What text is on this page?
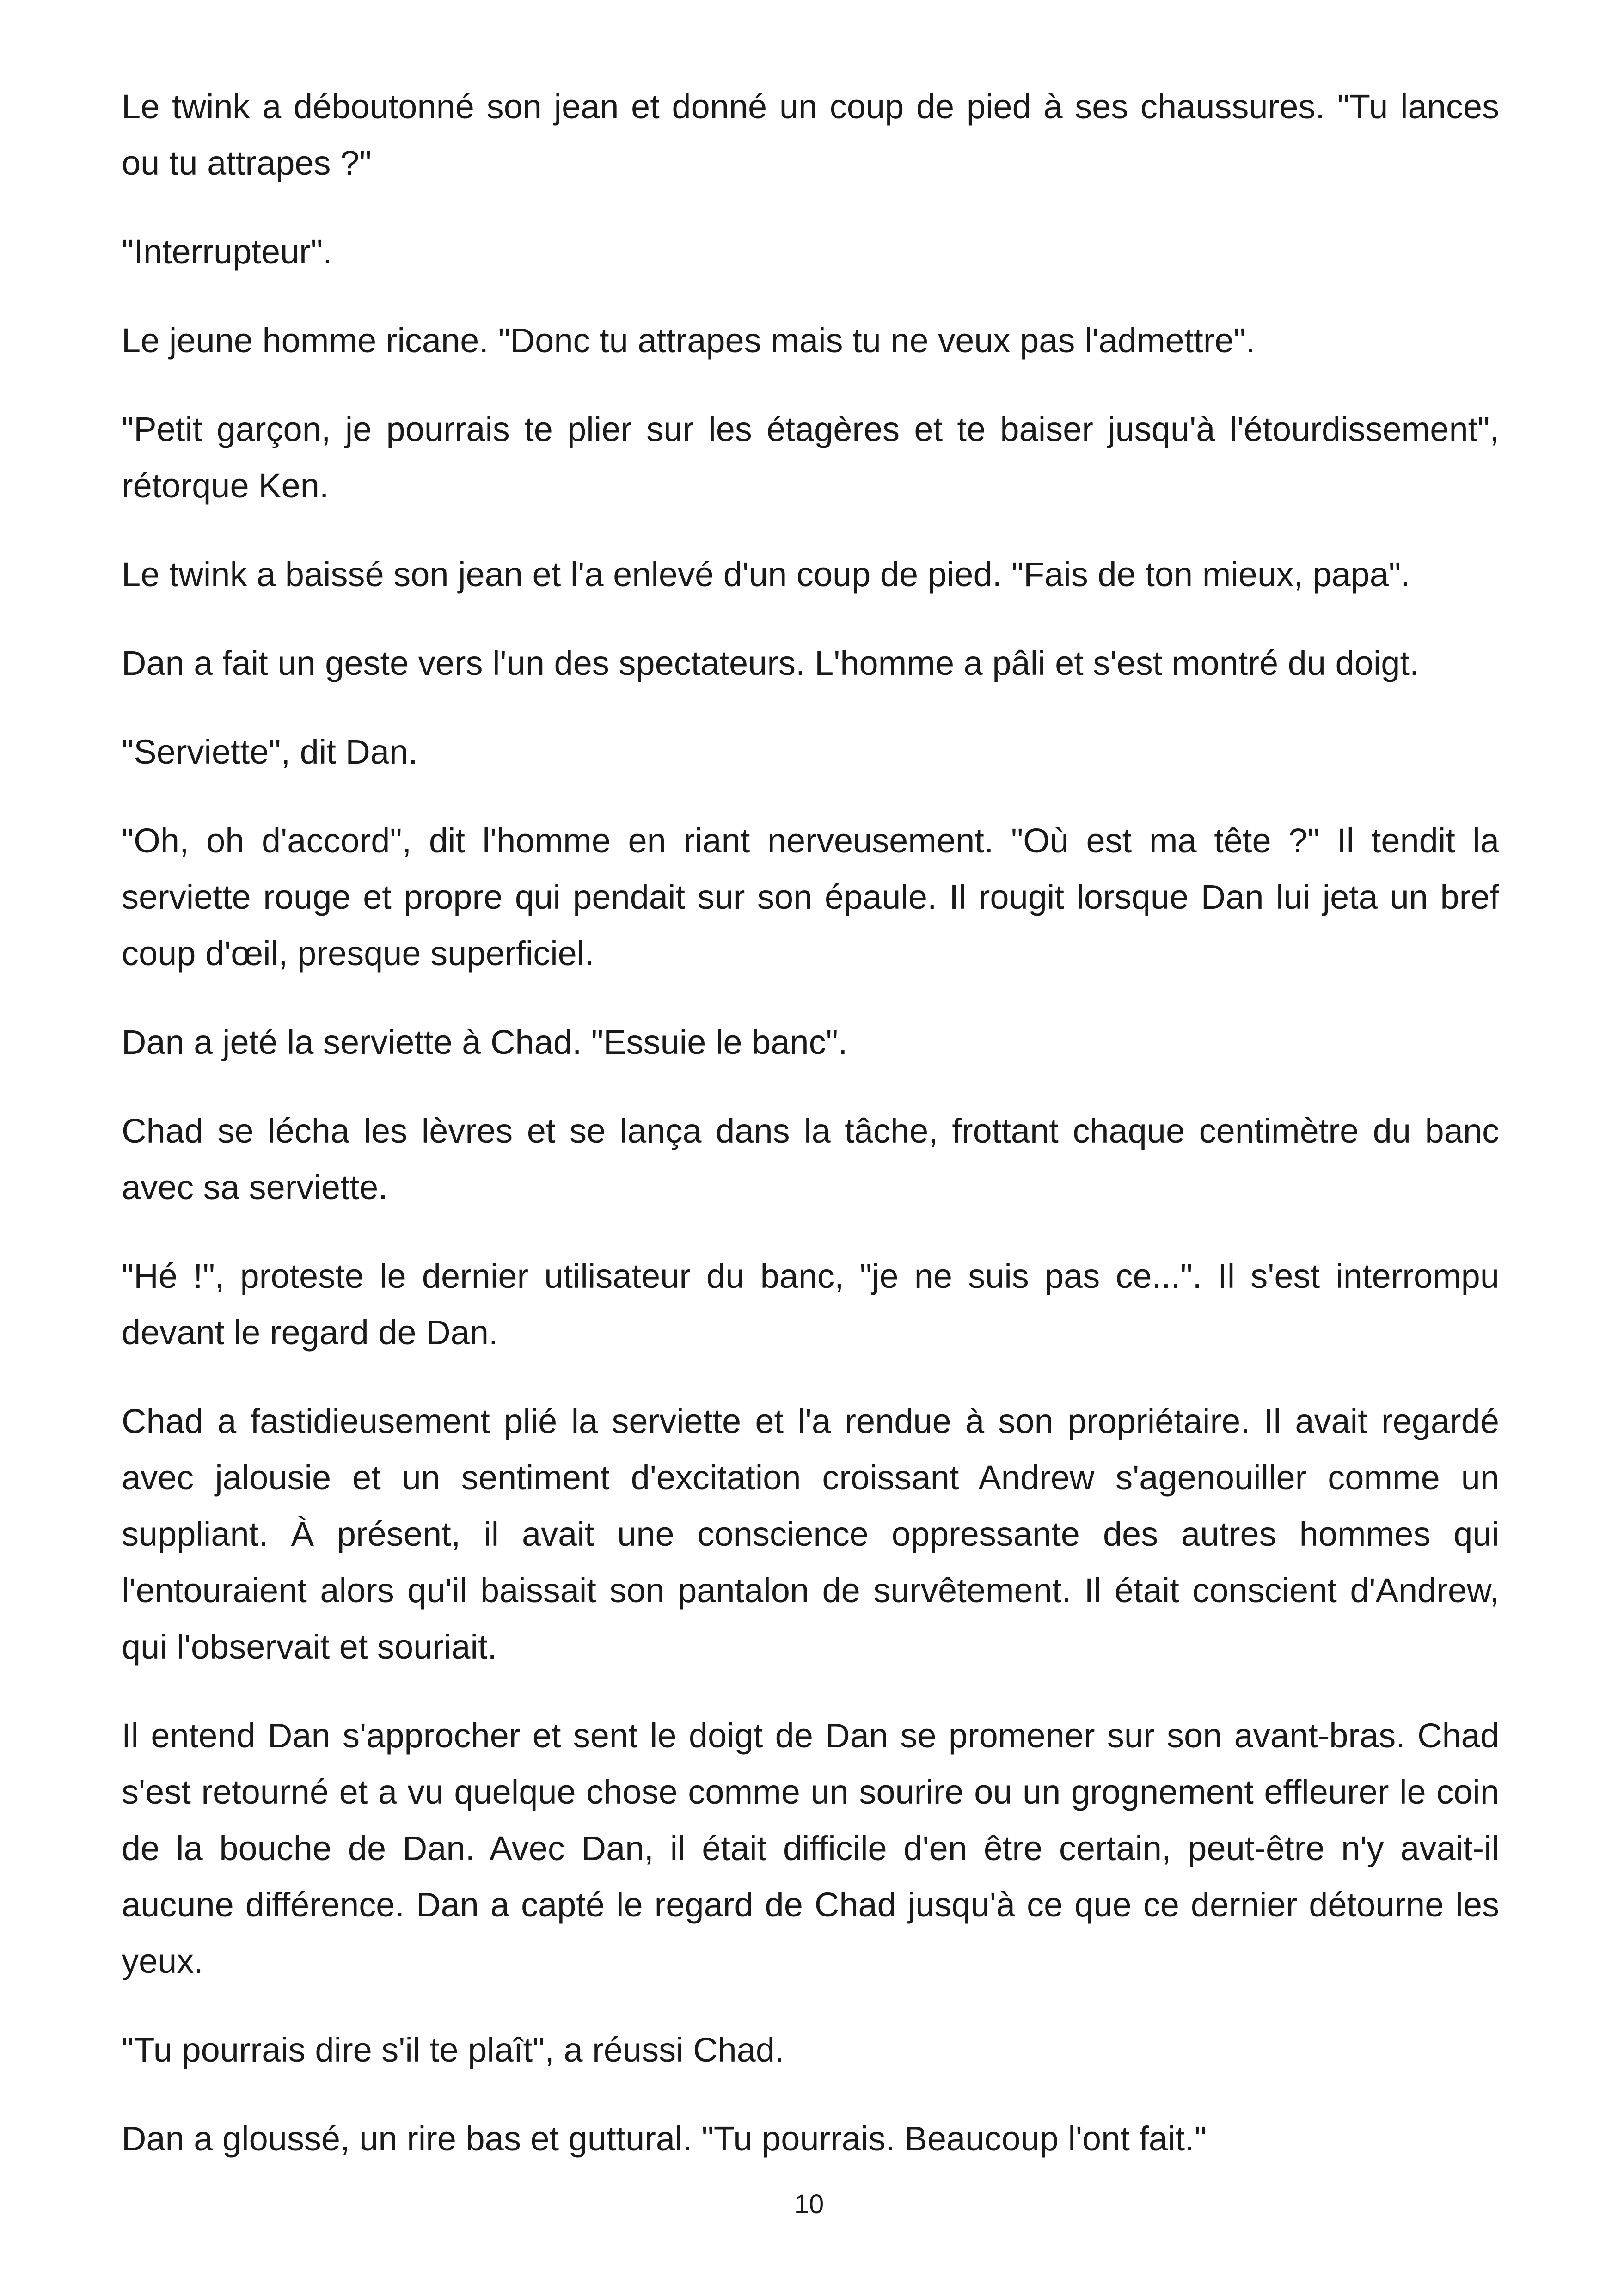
Le twink a déboutonné son jean et donné un coup de pied à ses chaussures. "Tu lances ou tu attrapes ?"

"Interrupteur".

Le jeune homme ricane. "Donc tu attrapes mais tu ne veux pas l'admettre".

"Petit garçon, je pourrais te plier sur les étagères et te baiser jusqu'à l'étourdissement", rétorque Ken.

Le twink a baissé son jean et l'a enlevé d'un coup de pied. "Fais de ton mieux, papa".

Dan a fait un geste vers l'un des spectateurs. L'homme a pâli et s'est montré du doigt.

"Serviette", dit Dan.

"Oh, oh d'accord", dit l'homme en riant nerveusement. "Où est ma tête ?" Il tendit la serviette rouge et propre qui pendait sur son épaule. Il rougit lorsque Dan lui jeta un bref coup d'œil, presque superficiel.

Dan a jeté la serviette à Chad. "Essuie le banc".

Chad se lécha les lèvres et se lança dans la tâche, frottant chaque centimètre du banc avec sa serviette.

"Hé !", proteste le dernier utilisateur du banc, "je ne suis pas ce...". Il s'est interrompu devant le regard de Dan.

Chad a fastidieusement plié la serviette et l'a rendue à son propriétaire. Il avait regardé avec jalousie et un sentiment d'excitation croissant Andrew s'agenouiller comme un suppliant. À présent, il avait une conscience oppressante des autres hommes qui l'entouraient alors qu'il baissait son pantalon de survêtement. Il était conscient d'Andrew, qui l'observait et souriait.

Il entend Dan s'approcher et sent le doigt de Dan se promener sur son avant-bras. Chad s'est retourné et a vu quelque chose comme un sourire ou un grognement effleurer le coin de la bouche de Dan. Avec Dan, il était difficile d'en être certain, peut-être n'y avait-il aucune différence. Dan a capté le regard de Chad jusqu'à ce que ce dernier détourne les yeux.

"Tu pourrais dire s'il te plaît", a réussi Chad.

Dan a gloussé, un rire bas et guttural. "Tu pourrais. Beaucoup l'ont fait."

10
